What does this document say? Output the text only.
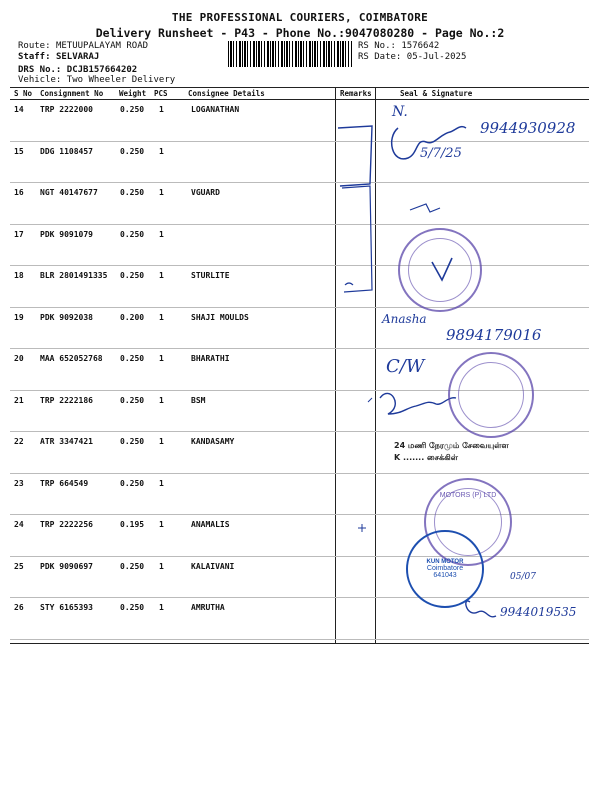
THE PROFESSIONAL COURIERS, COIMBATORE
Delivery Runsheet - P43 - Phone No.:9047080280 - Page No.:2
Route: METUUPALAYAM ROAD
Staff: SELVARAJ
DRS No.: DCJB157664202
Vehicle: Two Wheeler Delivery
RS No.: 1576642
RS Date: 05-Jul-2025
S No Consignment No Weight PCS	Consignee Details	Remarks	Seal & Signature
14 TRP 2222000	0.250 1	LOGANATHAN
15 DDG 1108457	0.250 1
16 NGT 40147677	0.250 1	VGUARD
17 PDK 9091079	0.250 1
18 BLR 2801491335 0.250 1	STURLITE
19 PDK 9092038	0.200 1	SHAJI MOULDS
20 MAA 652052768 0.250 1	BHARATHI
21 TRP 2222186	0.250 1	BSM
22 ATR 3347421	0.250 1	KANDASAMY
23 TRP 664549	0.250 1
24 TRP 2222256	0.195 1	ANAMALIS
25 PDK 9090697	0.250 1	KALAIVANI
26 STY 6165393	0.250 1	AMRUTHA
N.
9944930928
5/7/25
Anasha
9894179016
C/W
9944019535
05/07
24 மணி நேரமும் சேவையுள்ள
K ....... சைக்கிள்
MOTORS (P) LTD
KUN MOTOR
Coimbatore
641043
